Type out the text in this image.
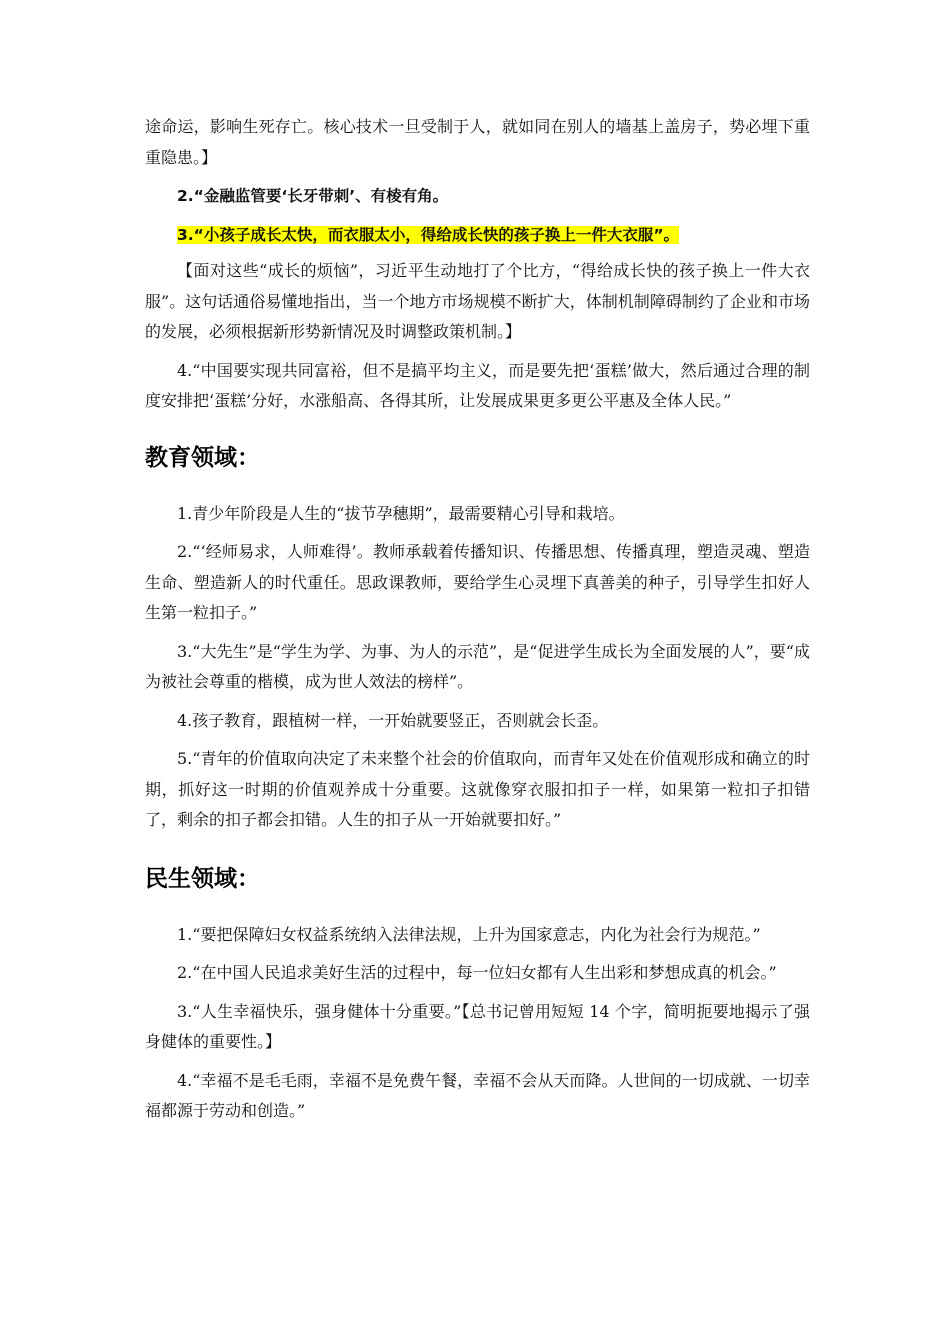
途命运，影响生死存亡。核心技术一旦受制于人，就如同在别人的墙基上盖房子，势必埋下重重隐患。】

2.“金融监管要‘长牙带刺’、有棱有角。

3.“小孩子成长太快，而衣服太小，得给成长快的孩子换上一件大衣服”。

【面对这些“成长的烦恼”，习近平生动地打了个比方，“得给成长快的孩子换上一件大衣服”。这句话通俗易懂地指出，当一个地方市场规模不断扩大，体制机制障碍制约了企业和市场的发展，必须根据新形势新情况及时调整政策机制。】

4.“中国要实现共同富裕，但不是搞平均主义，而是要先把‘蛋糕’做大，然后通过合理的制度安排把‘蛋糕’分好，水涨船高、各得其所，让发展成果更多更公平惠及全体人民。”

教育领域：

1.青少年阶段是人生的“拔节孕穗期”，最需要精心引导和栽培。

2.“‘经师易求，人师难得’。教师承载着传播知识、传播思想、传播真理，塑造灵魂、塑造生命、塑造新人的时代重任。思政课教师，要给学生心灵埋下真善美的种子，引导学生扣好人生第一粒扣子。”

3.“大先生”是“学生为学、为事、为人的示范”，是“促进学生成长为全面发展的人”，要“成为被社会尊重的楷模，成为世人效法的榜样”。

4.孩子教育，跟植树一样，一开始就要竖正，否则就会长歪。

5.“青年的价值取向决定了未来整个社会的价值取向，而青年又处在价值观形成和确立的时期，抓好这一时期的价值观养成十分重要。这就像穿衣服扣扣子一样，如果第一粒扣子扣错了，剩余的扣子都会扣错。人生的扣子从一开始就要扣好。”

民生领域：

1.“要把保障妇女权益系统纳入法律法规，上升为国家意志，内化为社会行为规范。”

2.“在中国人民追求美好生活的过程中，每一位妇女都有人生出彩和梦想成真的机会。”

3.“人生幸福快乐，强身健体十分重要。”【总书记曾用短短 14 个字，简明扼要地揭示了强身健体的重要性。】

4.“幸福不是毛毛雨，幸福不是免费午餐，幸福不会从天而降。人世间的一切成就、一切幸福都源于劳动和创造。”
